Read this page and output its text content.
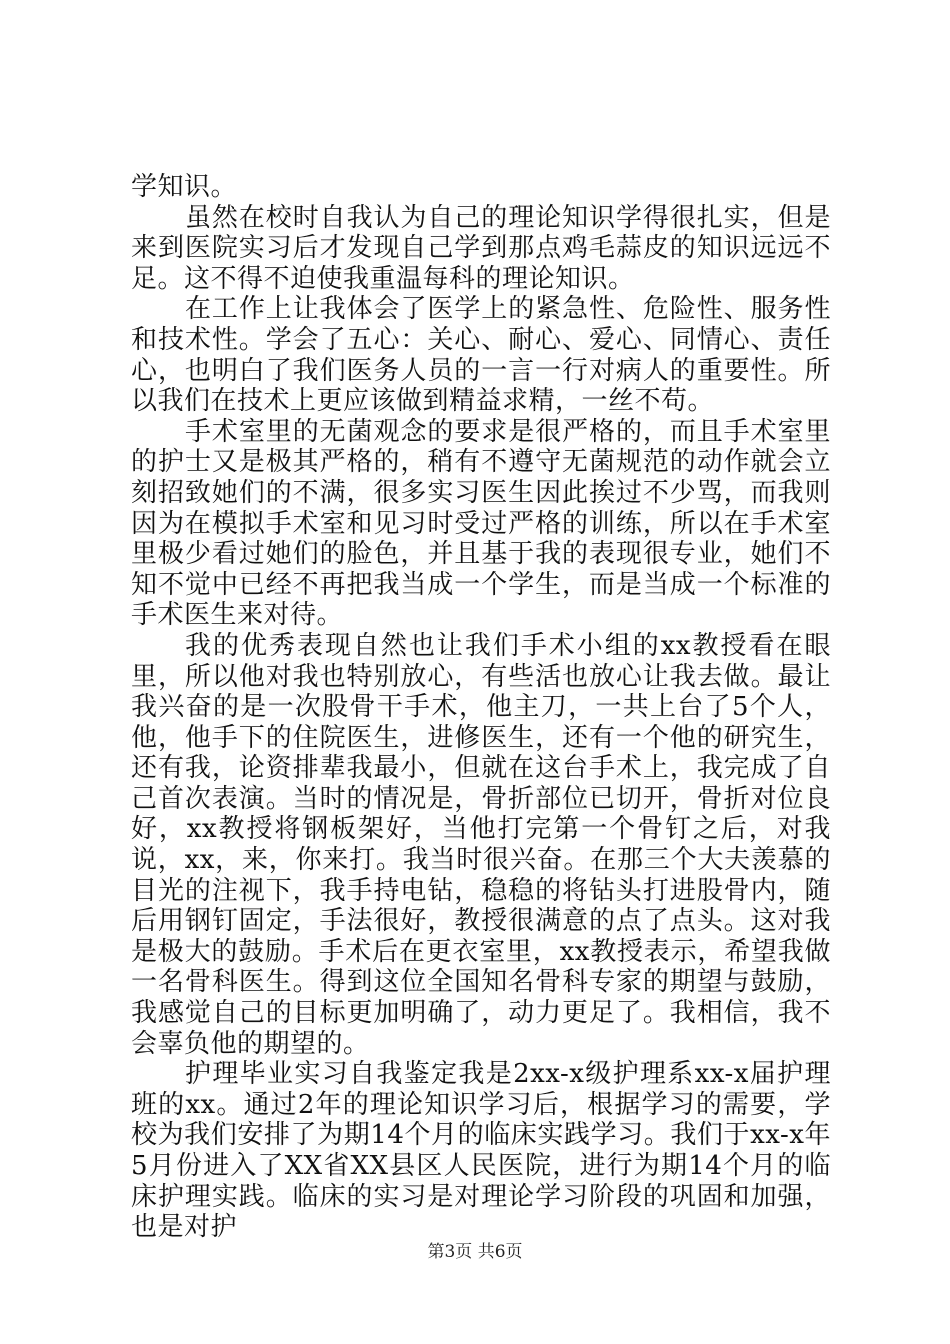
学知识。

虽然在校时自我认为自己的理论知识学得很扎实，但是来到医院实习后才发现自己学到那点鸡毛蒜皮的知识远远不足。这不得不迫使我重温每科的理论知识。

在工作上让我体会了医学上的紧急性、危险性、服务性和技术性。学会了五心：关心、耐心、爱心、同情心、责任心，也明白了我们医务人员的一言一行对病人的重要性。所以我们在技术上更应该做到精益求精，一丝不苟。

手术室里的无菌观念的要求是很严格的，而且手术室里的护士又是极其严格的，稍有不遵守无菌规范的动作就会立刻招致她们的不满，很多实习医生因此挨过不少骂，而我则因为在模拟手术室和见习时受过严格的训练，所以在手术室里极少看过她们的脸色，并且基于我的表现很专业，她们不知不觉中已经不再把我当成一个学生，而是当成一个标准的手术医生来对待。

我的优秀表现自然也让我们手术小组的xx教授看在眼里，所以他对我也特别放心，有些活也放心让我去做。最让我兴奋的是一次股骨干手术，他主刀，一共上台了5个人，他，他手下的住院医生，进修医生，还有一个他的研究生，还有我，论资排辈我最小，但就在这台手术上，我完成了自己首次表演。当时的情况是，骨折部位已切开，骨折对位良好，xx教授将钢板架好，当他打完第一个骨钉之后，对我说，xx，来，你来打。我当时很兴奋。在那三个大夫羡慕的目光的注视下，我手持电钻，稳稳的将钻头打进股骨内，随后用钢钉固定，手法很好，教授很满意的点了点头。这对我是极大的鼓励。手术后在更衣室里，xx教授表示，希望我做一名骨科医生。得到这位全国知名骨科专家的期望与鼓励，我感觉自己的目标更加明确了，动力更足了。我相信，我不会辜负他的期望的。

护理毕业实习自我鉴定我是2xx-x级护理系xx-x届护理班的xx。通过2年的理论知识学习后，根据学习的需要，学校为我们安排了为期14个月的临床实践学习。我们于xx-x年5月份进入了XX省XX县区人民医院，进行为期14个月的临床护理实践。临床的实习是对理论学习阶段的巩固和加强，也是对护

第3页 共6页
